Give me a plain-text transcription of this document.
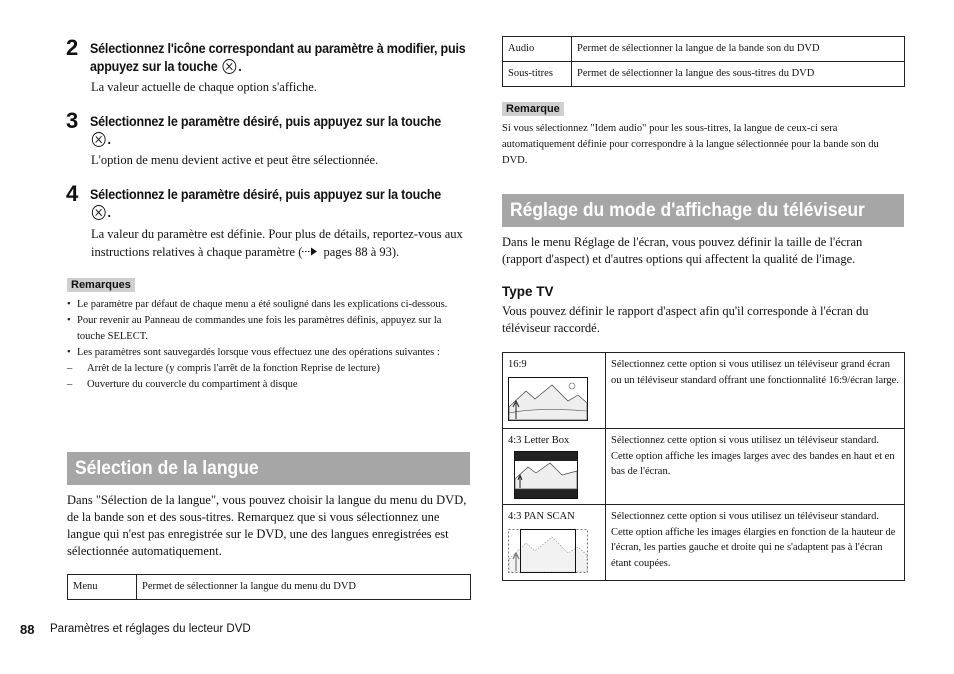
2 Sélectionnez l'icône correspondant au paramètre à modifier, puis appuyez sur la touche .
La valeur actuelle de chaque option s'affiche.
3 Sélectionnez le paramètre désiré, puis appuyez sur la touche
.
L'option de menu devient active et peut être sélectionnée.
4 Sélectionnez le paramètre désiré, puis appuyez sur la touche
.
La valeur du paramètre est définie. Pour plus de détails, reportez-vous aux instructions relatives à chaque paramètre ( pages 88 à 93).
Remarques
• Le paramètre par défaut de chaque menu a été souligné dans les explications ci-dessous.
• Pour revenir au Panneau de commandes une fois les paramètres définis, appuyez sur la touche SELECT.
• Les paramètres sont sauvegardés lorsque vous effectuez une des opérations suivantes :
– Arrêt de la lecture (y compris l'arrêt de la fonction Reprise de lecture)
– Ouverture du couvercle du compartiment à disque
Sélection de la langue
Dans "Sélection de la langue", vous pouvez choisir la langue du menu du DVD, de la bande son et des sous-titres. Remarquez que si vous sélectionnez une langue qui n'est pas enregistrée sur le DVD, une des langues enregistrées est sélectionnée automatiquement.
Menu	Permet de sélectionner la langue du menu du DVD
88 Paramètres et réglages du lecteur DVD
Audio	Permet de sélectionner la langue de la bande son du DVD
Sous-titres	Permet de sélectionner la langue des sous-titres du DVD
Remarque
Si vous sélectionnez "Idem audio" pour les sous-titres, la langue de ceux-ci sera automatiquement définie pour correspondre à la langue sélectionnée pour la bande son du DVD.
Réglage du mode d'affichage du téléviseur
Dans le menu Réglage de l'écran, vous pouvez définir la taille de l'écran (rapport d'aspect) et d'autres options qui affectent la qualité de l'image.
Type TV
Vous pouvez définir le rapport d'aspect afin qu'il corresponde à l'écran du téléviseur raccordé.
16:9	Sélectionnez cette option si vous utilisez un téléviseur grand écran ou un téléviseur standard offrant une fonctionnalité 16:9/écran large.

4:3 Letter Box	Sélectionnez cette option si vous utilisez un téléviseur standard. Cette option affiche les images larges avec des bandes en haut et en bas de l'écran.

4:3 PAN SCAN	Sélectionnez cette option si vous utilisez un téléviseur standard. Cette option affiche les images élargies en fonction de la hauteur de l'écran, les parties gauche et droite qui ne s'adaptent pas à l'écran étant coupées.
